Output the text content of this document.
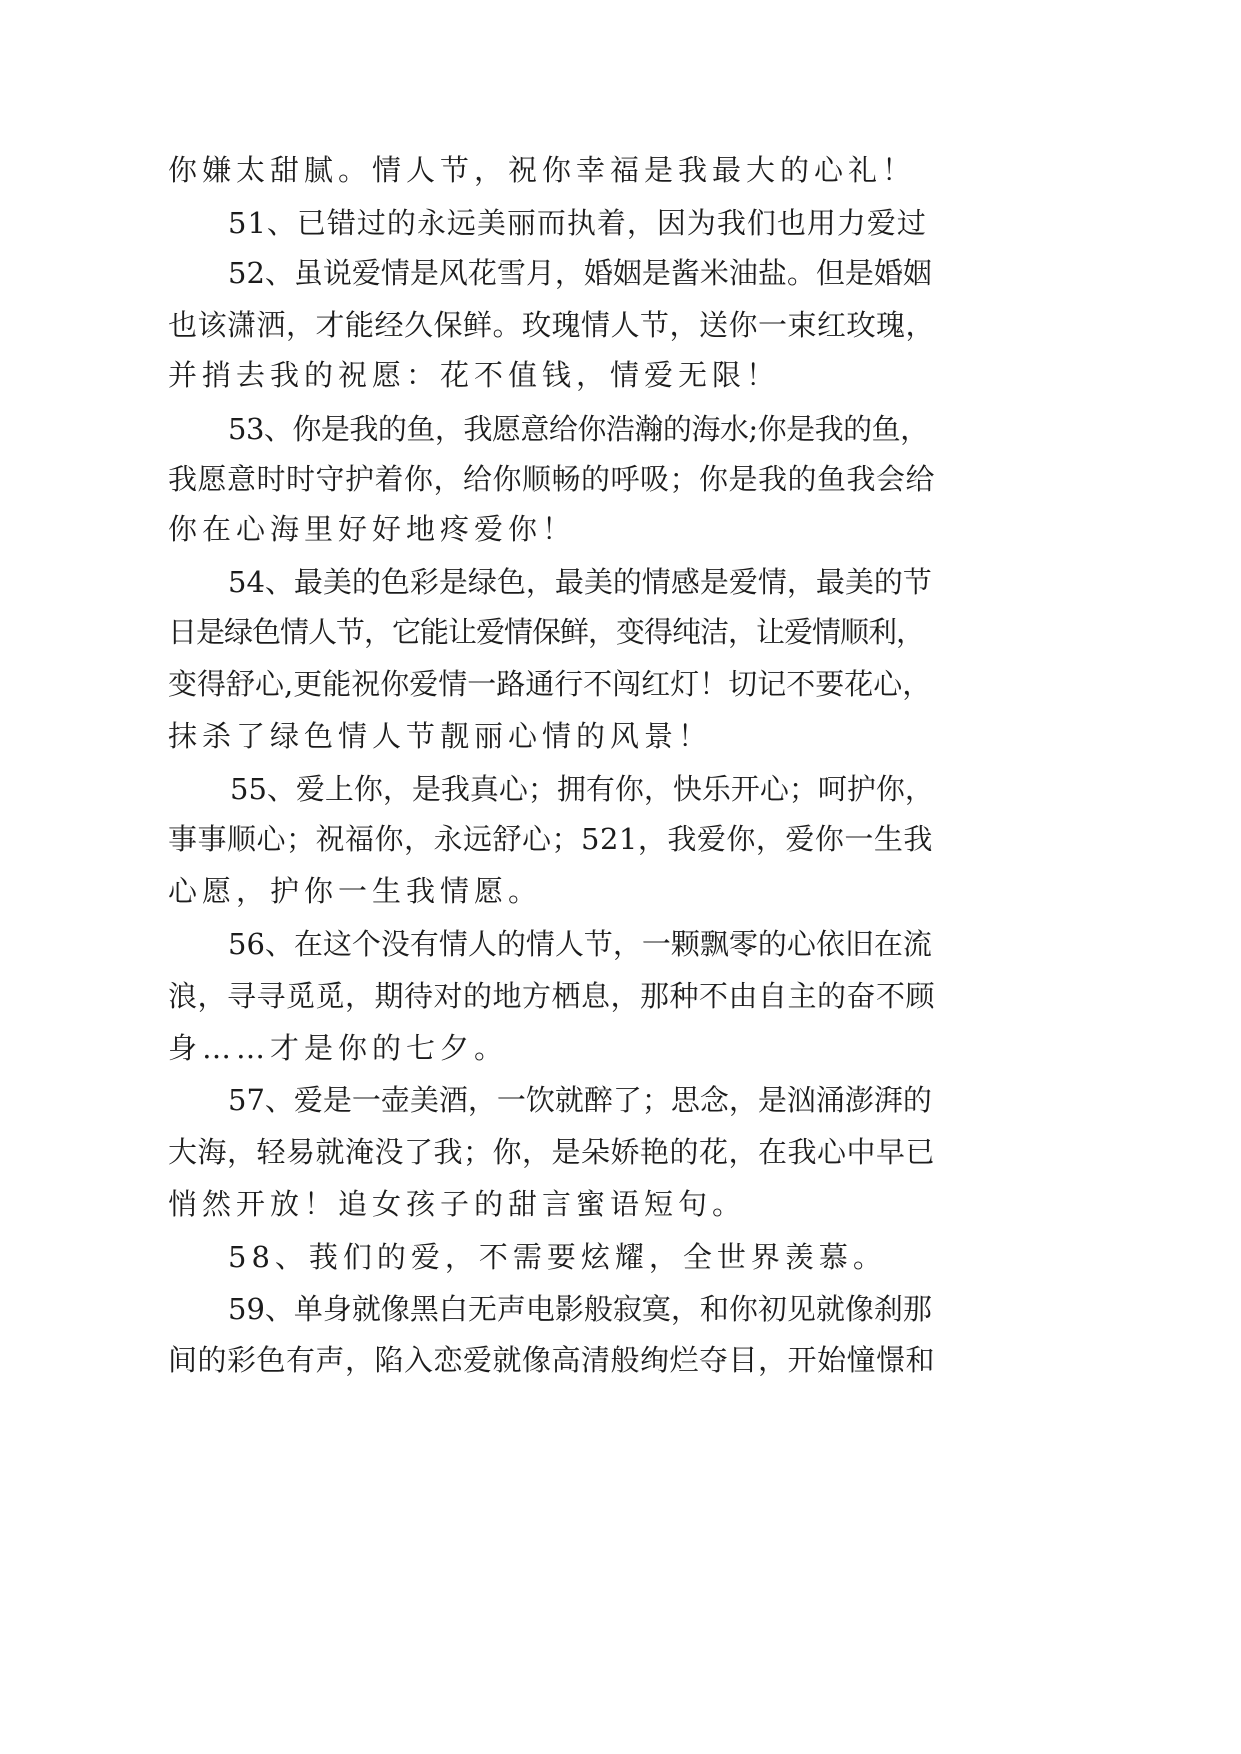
你嫌太甜腻。情人节，祝你幸福是我最大的心礼！

51、已错过的永远美丽而执着，因为我们也用力爱过

52、虽说爱情是风花雪月，婚姻是酱米油盐。但是婚姻

也该潇洒，才能经久保鲜。玫瑰情人节，送你一束红玫瑰，

并捎去我的祝愿：花不值钱，情爱无限！

53、你是我的鱼，我愿意给你浩瀚的海水;你是我的鱼，

我愿意时时守护着你，给你顺畅的呼吸；你是我的鱼我会给

你在心海里好好地疼爱你！

54、最美的色彩是绿色，最美的情感是爱情，最美的节

日是绿色情人节，它能让爱情保鲜，变得纯洁，让爱情顺利，

变得舒心,更能祝你爱情一路通行不闯红灯！切记不要花心，

抹杀了绿色情人节靓丽心情的风景！

55、爱上你，是我真心；拥有你，快乐开心；呵护你，

事事顺心；祝福你，永远舒心；521，我爱你，爱你一生我

心愿，护你一生我情愿。

56、在这个没有情人的情人节，一颗飘零的心依旧在流

浪，寻寻觅觅，期待对的地方栖息，那种不由自主的奋不顾

身……才是你的七夕。

57、爱是一壶美酒，一饮就醉了；思念，是汹涌澎湃的

大海，轻易就淹没了我；你，是朵娇艳的花，在我心中早已

悄然开放！追女孩子的甜言蜜语短句。

58、莪们的爱，不需要炫耀，全世界羡慕。

59、单身就像黑白无声电影般寂寞，和你初见就像刹那

间的彩色有声，陷入恋爱就像高清般绚烂夺目，开始憧憬和
